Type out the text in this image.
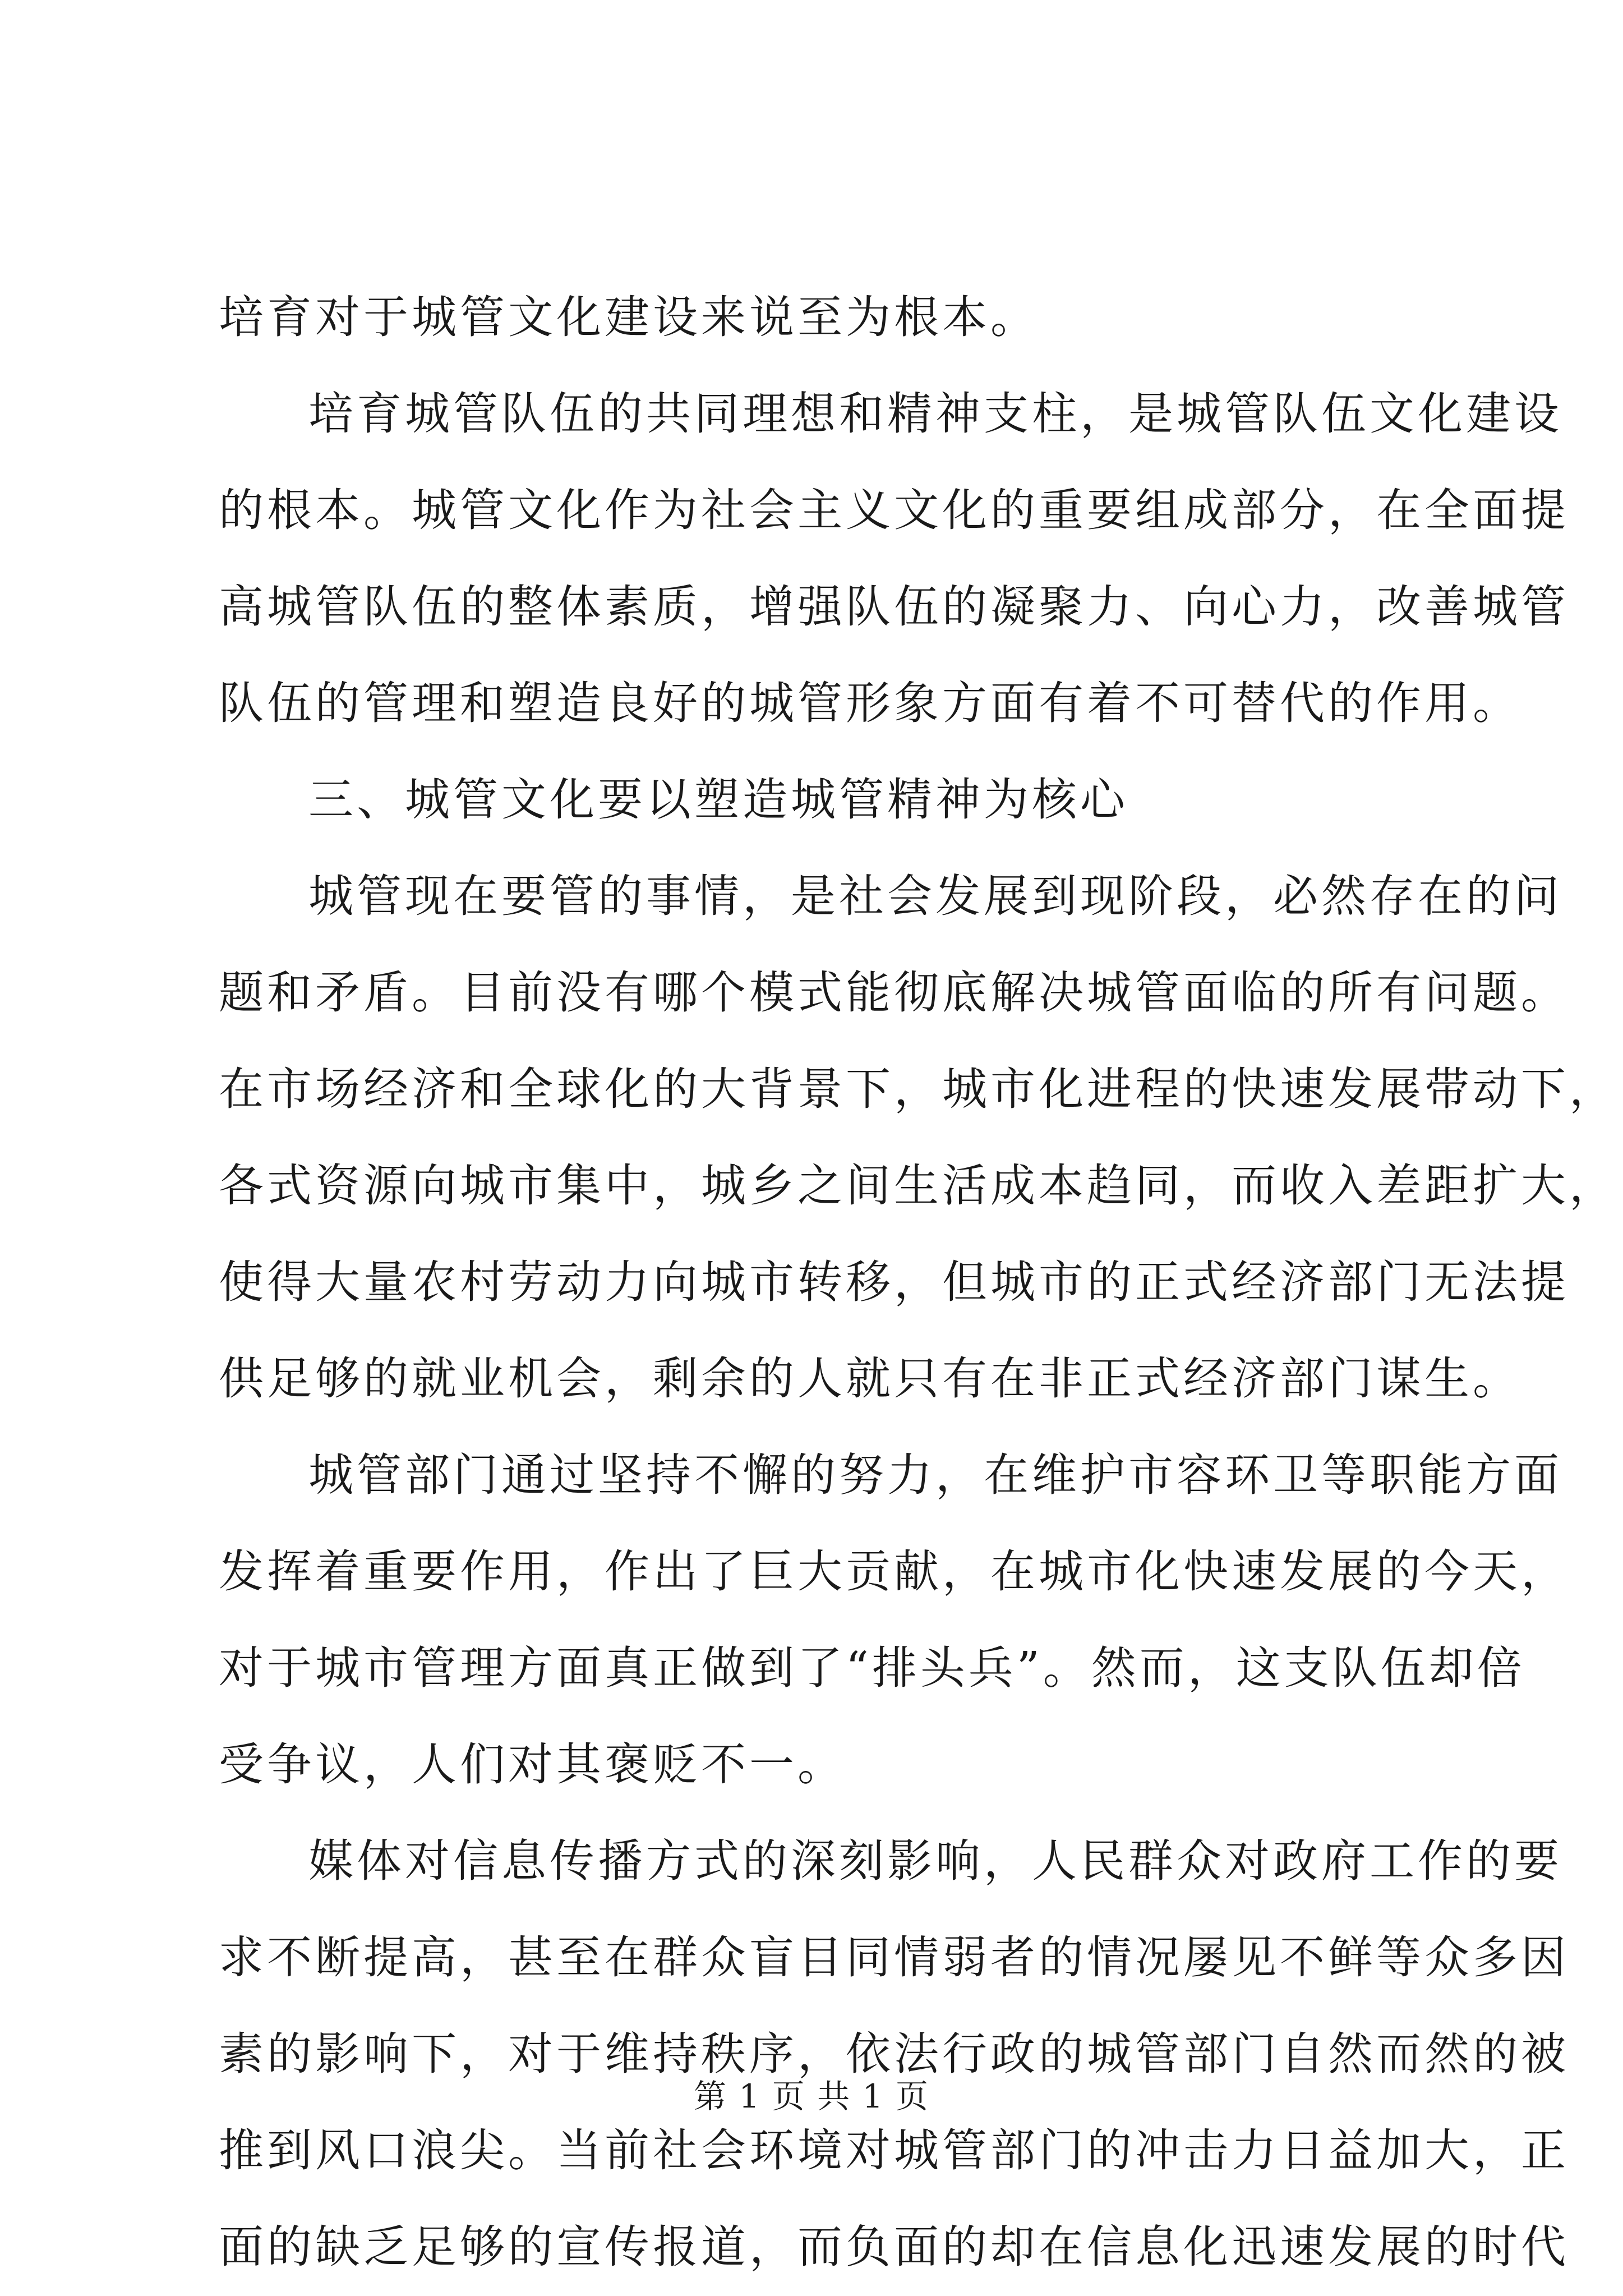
培育对于城管文化建设来说至为根本。
培育城管队伍的共同理想和精神支柱，是城管队伍文化建设
的根本。城管文化作为社会主义文化的重要组成部分，在全面提
高城管队伍的整体素质，增强队伍的凝聚力、向心力，改善城管
队伍的管理和塑造良好的城管形象方面有着不可替代的作用。
三、城管文化要以塑造城管精神为核心
城管现在要管的事情，是社会发展到现阶段，必然存在的问
题和矛盾。目前没有哪个模式能彻底解决城管面临的所有问题。
在市场经济和全球化的大背景下，城市化进程的快速发展带动下，
各式资源向城市集中，城乡之间生活成本趋同，而收入差距扩大，
使得大量农村劳动力向城市转移，但城市的正式经济部门无法提
供足够的就业机会，剩余的人就只有在非正式经济部门谋生。
城管部门通过坚持不懈的努力，在维护市容环卫等职能方面
发挥着重要作用，作出了巨大贡献，在城市化快速发展的今天，
对于城市管理方面真正做到了“排头兵”。然而，这支队伍却倍
受争议，人们对其褒贬不一。
媒体对信息传播方式的深刻影响，人民群众对政府工作的要
求不断提高，甚至在群众盲目同情弱者的情况屡见不鲜等众多因
素的影响下，对于维持秩序，依法行政的城管部门自然而然的被
推到风口浪尖。当前社会环境对城管部门的冲击力日益加大，正
面的缺乏足够的宣传报道，而负面的却在信息化迅速发展的时代
第 1 页 共 1 页
